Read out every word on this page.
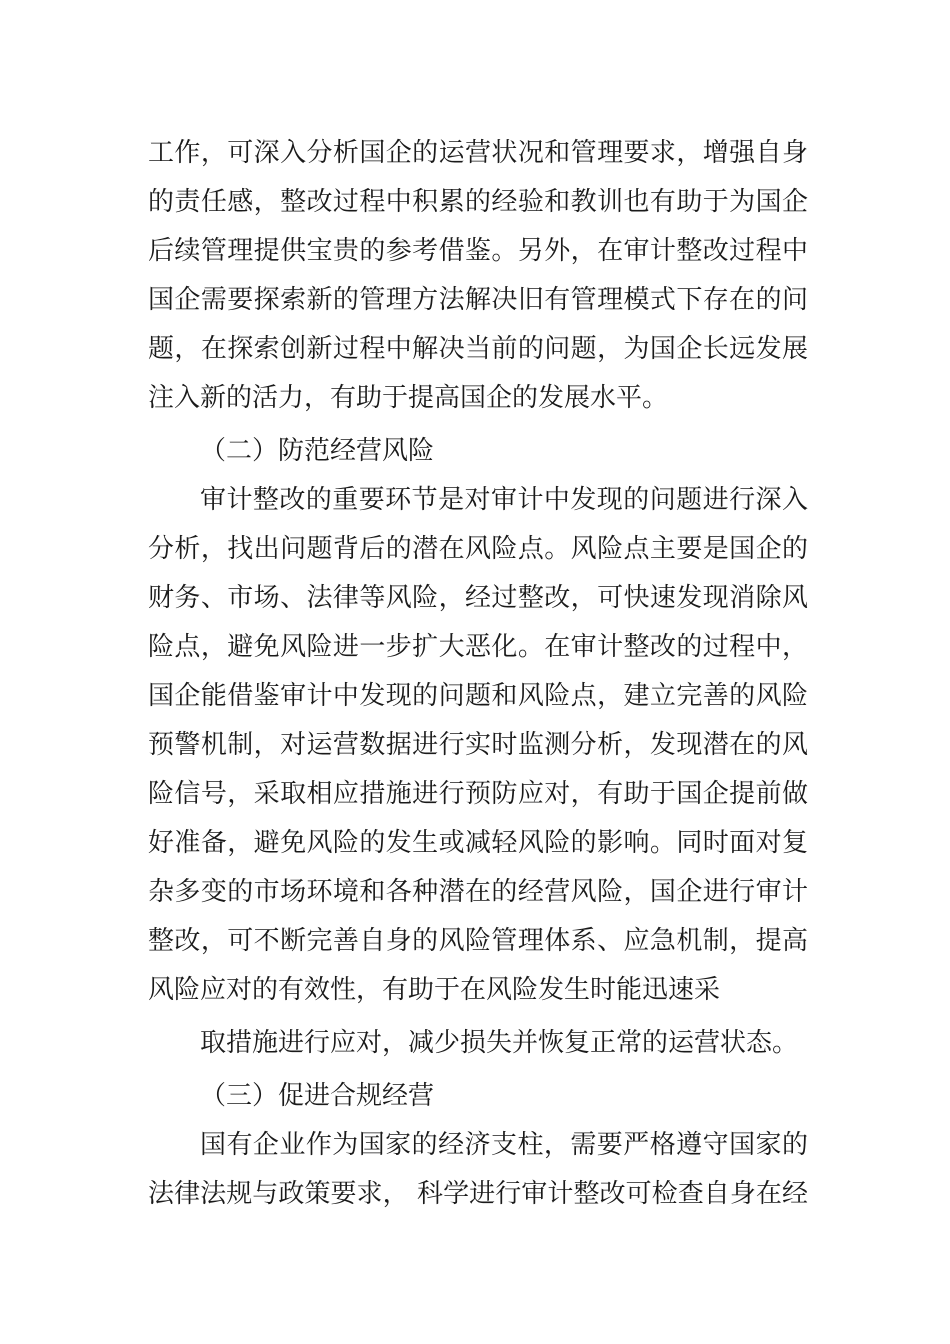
工作，可深入分析国企的运营状况和管理要求，增强自身
的责任感，整改过程中积累的经验和教训也有助于为国企
后续管理提供宝贵的参考借鉴。另外，在审计整改过程中
国企需要探索新的管理方法解决旧有管理模式下存在的问
题，在探索创新过程中解决当前的问题，为国企长远发展
注入新的活力，有助于提高国企的发展水平。
（二）防范经营风险
审计整改的重要环节是对审计中发现的问题进行深入
分析，找出问题背后的潜在风险点。风险点主要是国企的
财务、市场、法律等风险，经过整改，可快速发现消除风
险点，避免风险进一步扩大恶化。在审计整改的过程中，
国企能借鉴审计中发现的问题和风险点，建立完善的风险
预警机制，对运营数据进行实时监测分析，发现潜在的风
险信号，采取相应措施进行预防应对，有助于国企提前做
好准备，避免风险的发生或减轻风险的影响。同时面对复
杂多变的市场环境和各种潜在的经营风险，国企进行审计
整改，可不断完善自身的风险管理体系、应急机制，提高
风险应对的有效性，有助于在风险发生时能迅速采
取措施进行应对，减少损失并恢复正常的运营状态。
（三）促进合规经营
国有企业作为国家的经济支柱，需要严格遵守国家的
法律法规与政策要求， 科学进行审计整改可检查自身在经
